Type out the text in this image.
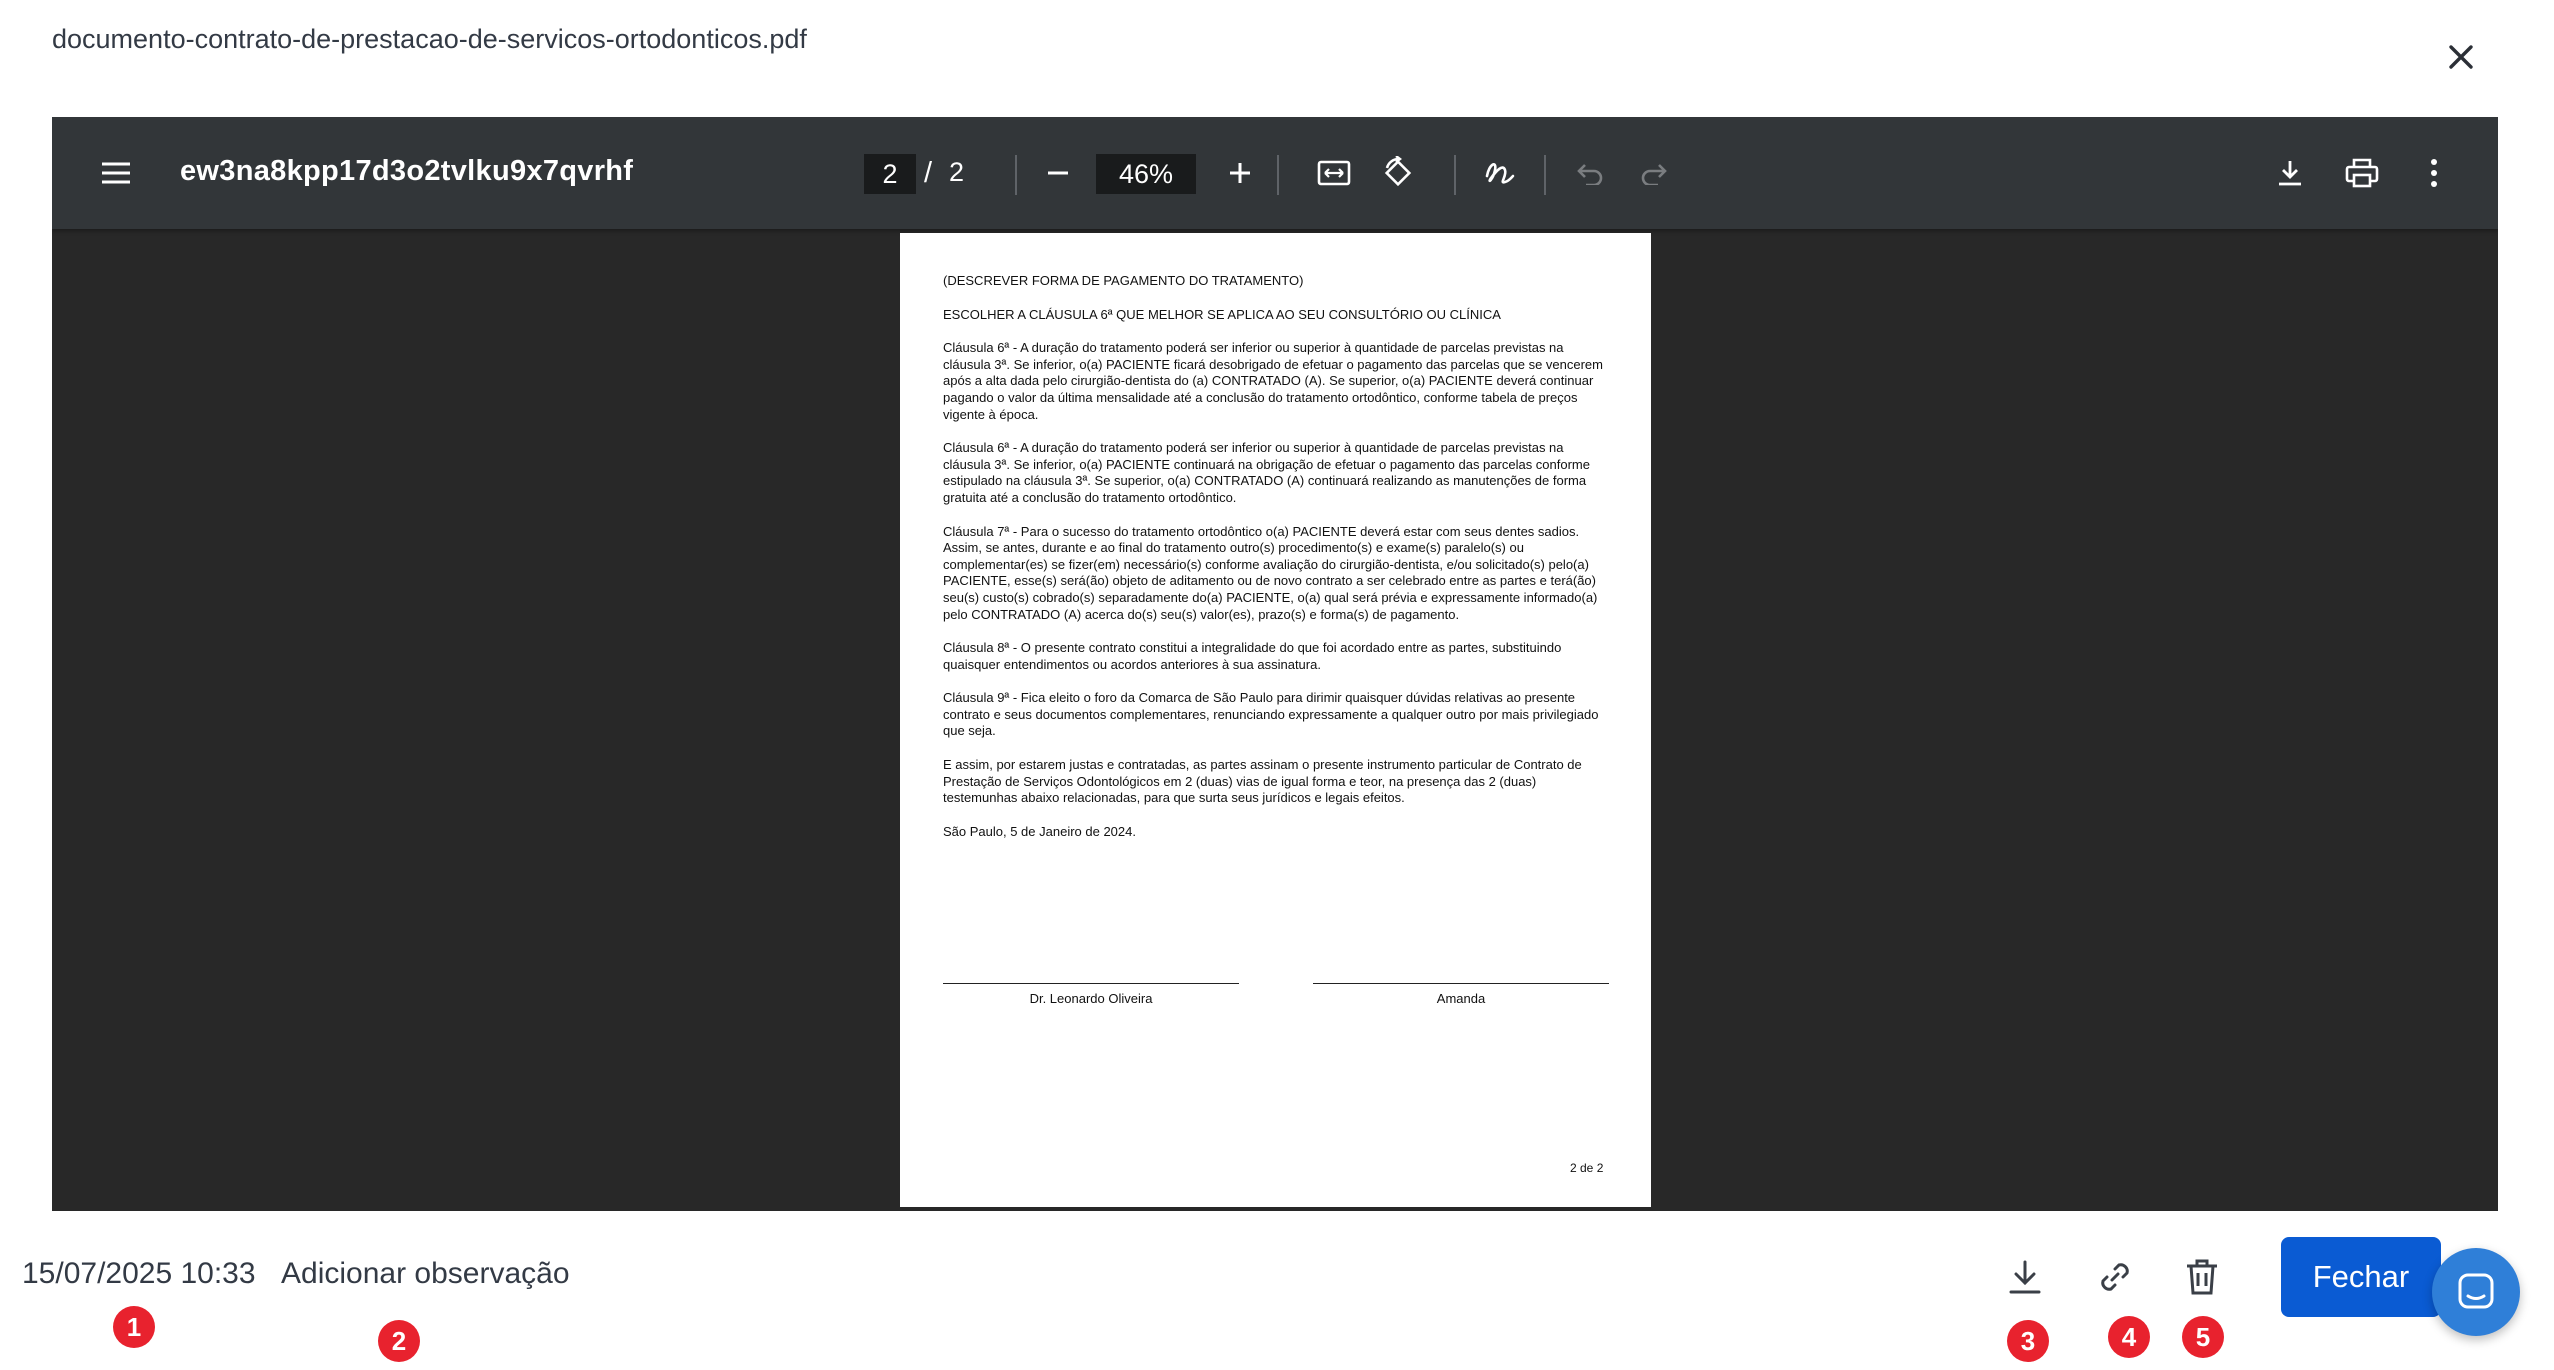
documento-contrato-de-prestacao-de-servicos-ortodonticos.pdf
ew3na8kpp17d3o2tvlku9x7qvrhf	2 / 2	46%

(DESCREVER FORMA DE PAGAMENTO DO TRATAMENTO)

ESCOLHER A CLÁUSULA 6ª QUE MELHOR SE APLICA AO SEU CONSULTÓRIO OU CLÍNICA

Cláusula 6ª - A duração do tratamento poderá ser inferior ou superior à quantidade de parcelas previstas na cláusula 3ª. Se inferior, o(a) PACIENTE ficará desobrigado de efetuar o pagamento das parcelas que se vencerem após a alta dada pelo cirurgião-dentista do (a) CONTRATADO (A). Se superior, o(a) PACIENTE deverá continuar pagando o valor da última mensalidade até a conclusão do tratamento ortodôntico, conforme tabela de preços vigente à época.

Cláusula 6ª - A duração do tratamento poderá ser inferior ou superior à quantidade de parcelas previstas na cláusula 3ª. Se inferior, o(a) PACIENTE continuará na obrigação de efetuar o pagamento das parcelas conforme estipulado na cláusula 3ª. Se superior, o(a) CONTRATADO (A) continuará realizando as manutenções de forma gratuita até a conclusão do tratamento ortodôntico.

Cláusula 7ª - Para o sucesso do tratamento ortodôntico o(a) PACIENTE deverá estar com seus dentes sadios. Assim, se antes, durante e ao final do tratamento outro(s) procedimento(s) e exame(s) paralelo(s) ou complementar(es) se fizer(em) necessário(s) conforme avaliação do cirurgião-dentista, e/ou solicitado(s) pelo(a) PACIENTE, esse(s) será(ão) objeto de aditamento ou de novo contrato a ser celebrado entre as partes e terá(ão) seu(s) custo(s) cobrado(s) separadamente do(a) PACIENTE, o(a) qual será prévia e expressamente informado(a) pelo CONTRATADO (A) acerca do(s) seu(s) valor(es), prazo(s) e forma(s) de pagamento.

Cláusula 8ª - O presente contrato constitui a integralidade do que foi acordado entre as partes, substituindo quaisquer entendimentos ou acordos anteriores à sua assinatura.

Cláusula 9ª - Fica eleito o foro da Comarca de São Paulo para dirimir quaisquer dúvidas relativas ao presente contrato e seus documentos complementares, renunciando expressamente a qualquer outro por mais privilegiado que seja.

E assim, por estarem justas e contratadas, as partes assinam o presente instrumento particular de Contrato de Prestação de Serviços Odontológicos em 2 (duas) vias de igual forma e teor, na presença das 2 (duas) testemunhas abaixo relacionadas, para que surta seus jurídicos e legais efeitos.

São Paulo, 5 de Janeiro de 2024.

Dr. Leonardo Oliveira	Amanda
2 de 2
15/07/2025 10:33 Adicionar observação	Fechar
1	2	3	4	5
